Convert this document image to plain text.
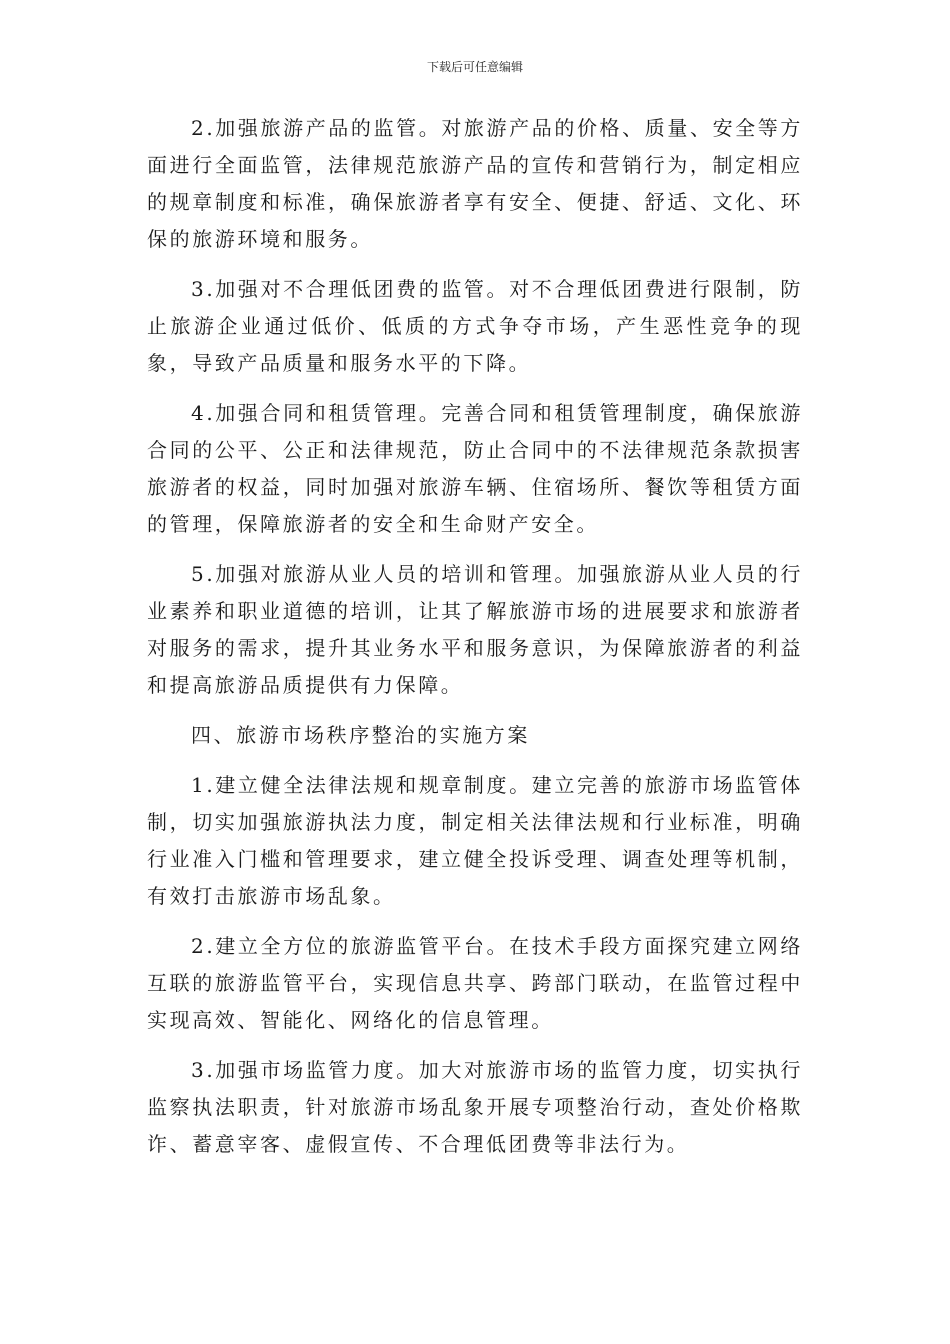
下载后可任意编辑

2.加强旅游产品的监管。对旅游产品的价格、质量、安全等方面进行全面监管，法律规范旅游产品的宣传和营销行为，制定相应的规章制度和标准，确保旅游者享有安全、便捷、舒适、文化、环保的旅游环境和服务。

3.加强对不合理低团费的监管。对不合理低团费进行限制，防止旅游企业通过低价、低质的方式争夺市场，产生恶性竞争的现象，导致产品质量和服务水平的下降。

4.加强合同和租赁管理。完善合同和租赁管理制度，确保旅游合同的公平、公正和法律规范，防止合同中的不法律规范条款损害旅游者的权益，同时加强对旅游车辆、住宿场所、餐饮等租赁方面的管理，保障旅游者的安全和生命财产安全。

5.加强对旅游从业人员的培训和管理。加强旅游从业人员的行业素养和职业道德的培训，让其了解旅游市场的进展要求和旅游者对服务的需求，提升其业务水平和服务意识，为保障旅游者的利益和提高旅游品质提供有力保障。

四、旅游市场秩序整治的实施方案

1.建立健全法律法规和规章制度。建立完善的旅游市场监管体制，切实加强旅游执法力度，制定相关法律法规和行业标准，明确行业准入门槛和管理要求，建立健全投诉受理、调查处理等机制，有效打击旅游市场乱象。

2.建立全方位的旅游监管平台。在技术手段方面探究建立网络互联的旅游监管平台，实现信息共享、跨部门联动，在监管过程中实现高效、智能化、网络化的信息管理。

3.加强市场监管力度。加大对旅游市场的监管力度，切实执行监察执法职责，针对旅游市场乱象开展专项整治行动，查处价格欺诈、蓄意宰客、虚假宣传、不合理低团费等非法行为。
